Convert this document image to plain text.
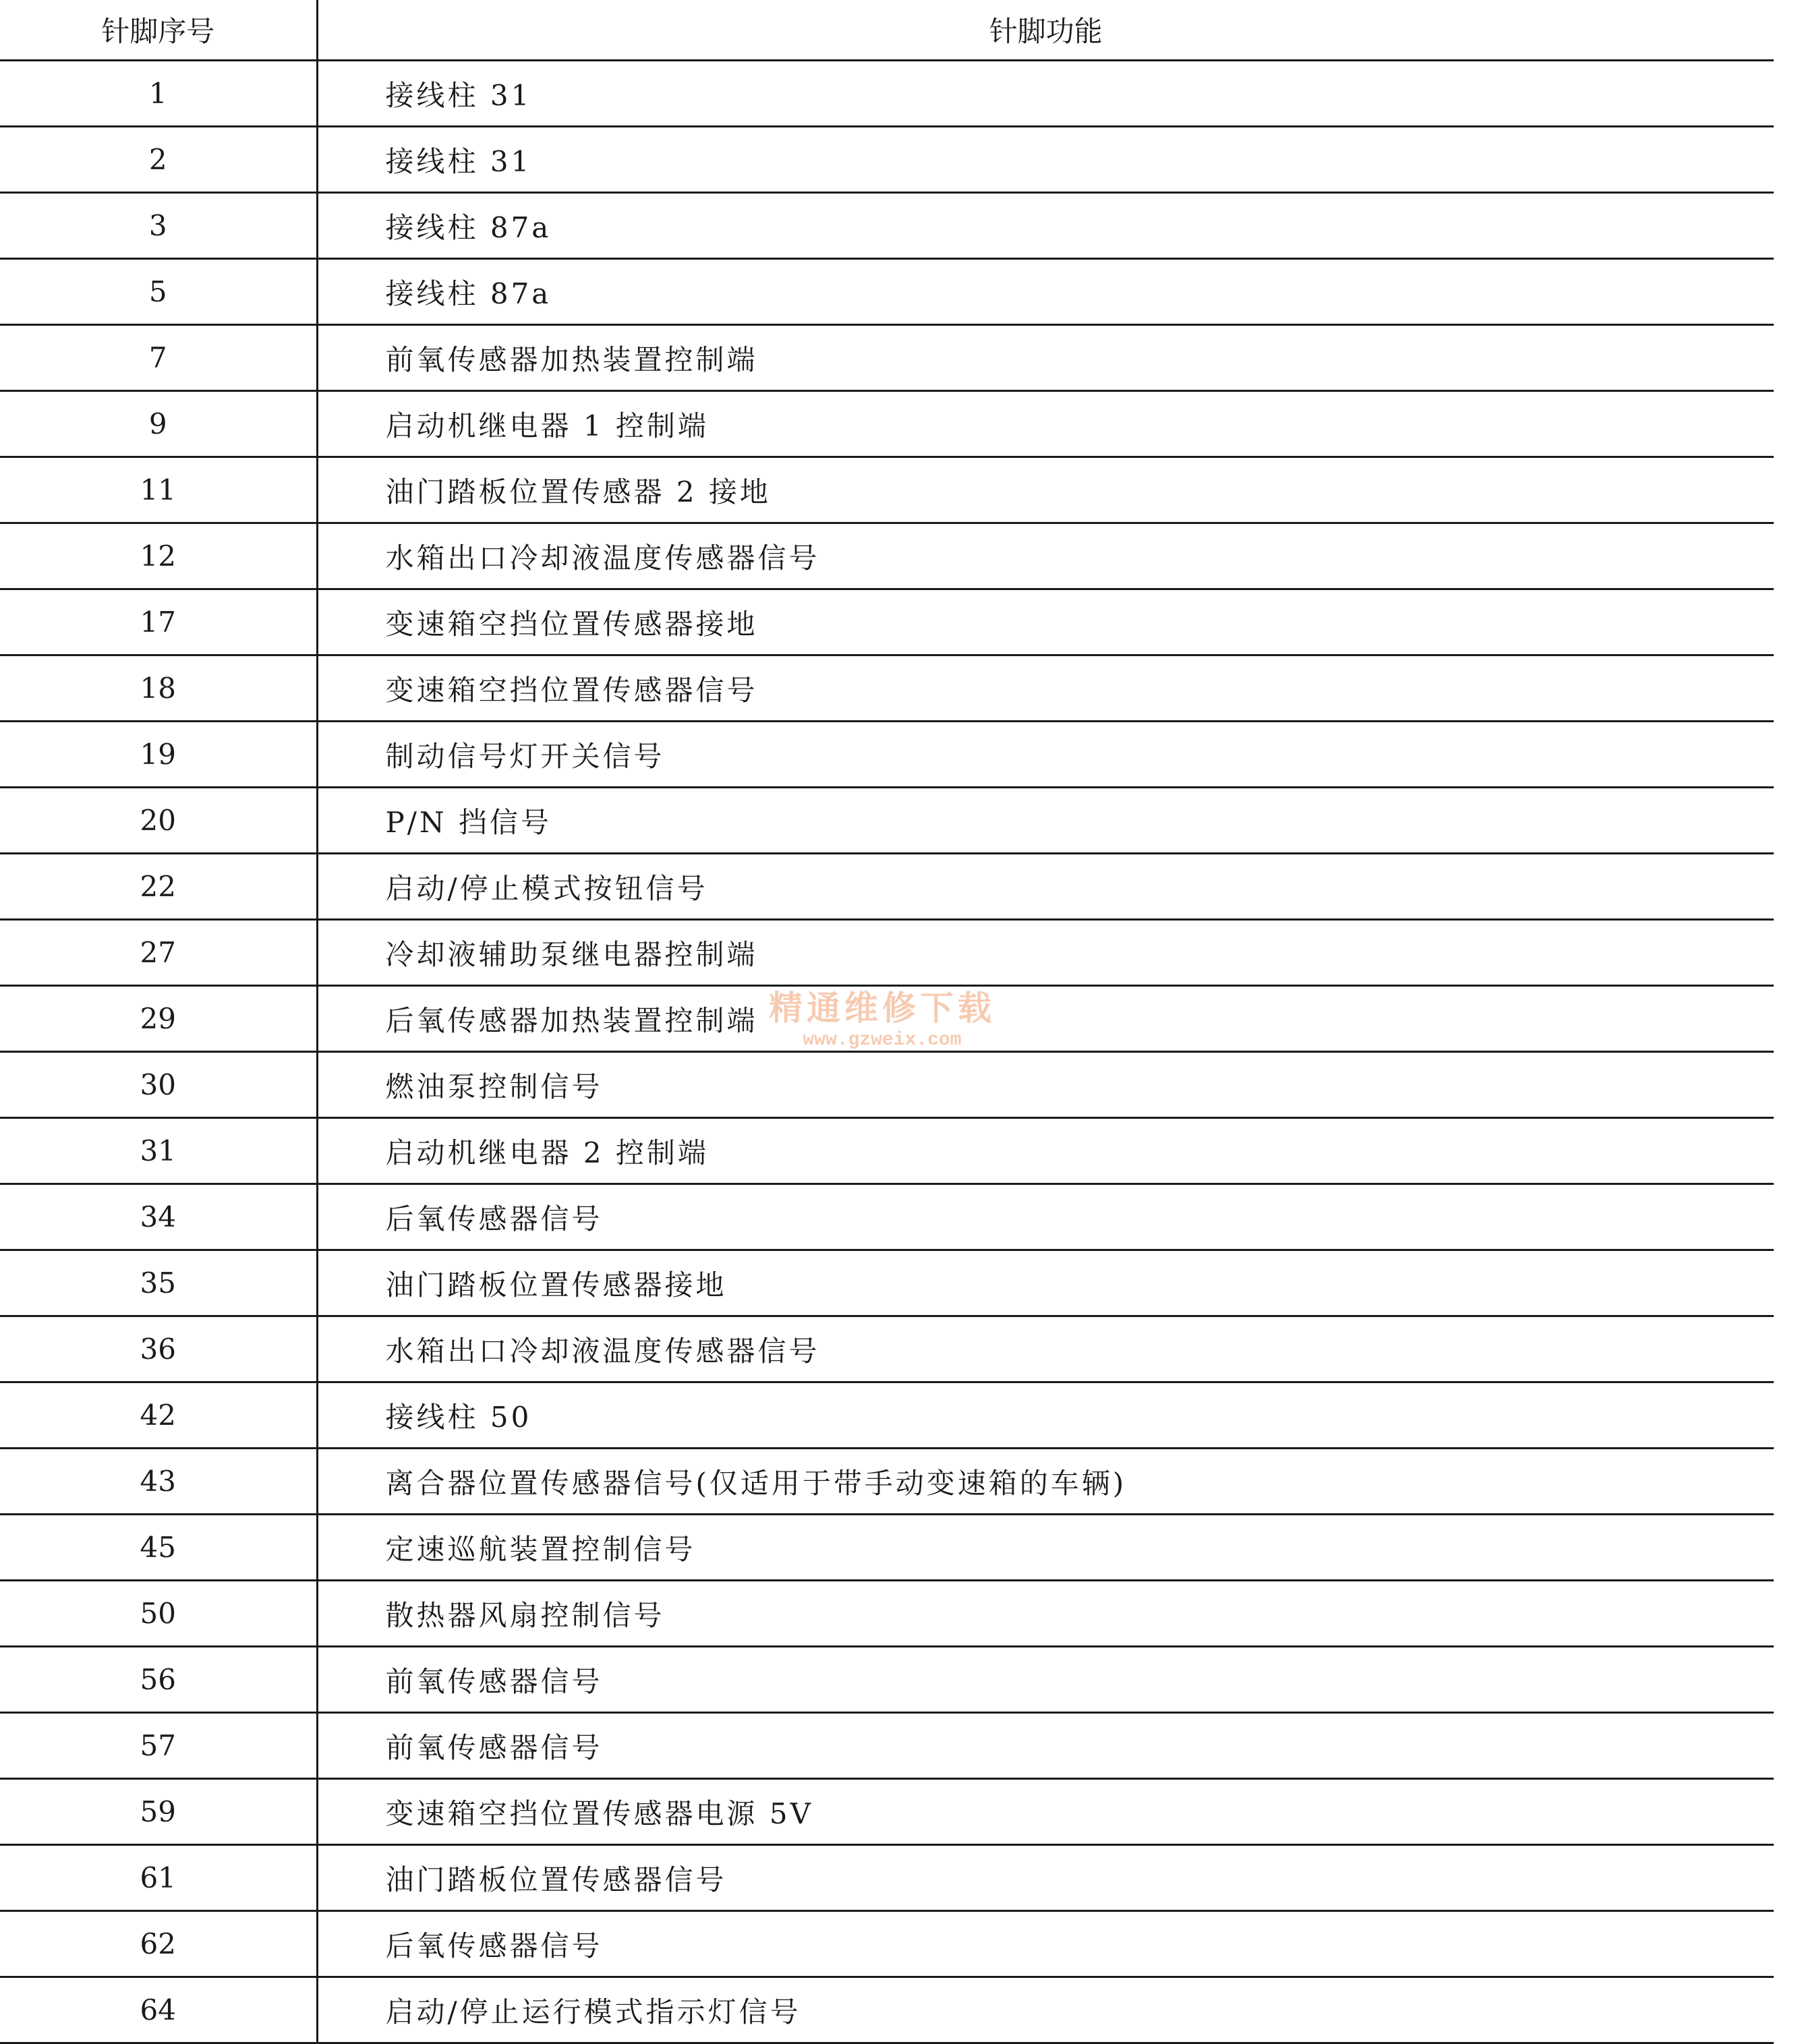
针脚序号	针脚功能
1	接线柱 31
2	接线柱 31
3	接线柱 87a
5	接线柱 87a
7	前氧传感器加热装置控制端
9	启动机继电器 1 控制端
11	油门踏板位置传感器 2 接地
12	水箱出口冷却液温度传感器信号
17	变速箱空挡位置传感器接地
18	变速箱空挡位置传感器信号
19	制动信号灯开关信号
20	P/N 挡信号
22	启动/停止模式按钮信号
27	冷却液辅助泵继电器控制端
29	后氧传感器加热装置控制端
30	燃油泵控制信号
31	启动机继电器 2 控制端
34	后氧传感器信号
35	油门踏板位置传感器接地
36	水箱出口冷却液温度传感器信号
42	接线柱 50
43	离合器位置传感器信号(仅适用于带手动变速箱的车辆)
45	定速巡航装置控制信号
50	散热器风扇控制信号
56	前氧传感器信号
57	前氧传感器信号
59	变速箱空挡位置传感器电源 5V
61	油门踏板位置传感器信号
62	后氧传感器信号
64	启动/停止运行模式指示灯信号
精通维修下载
www.gzweix.com
